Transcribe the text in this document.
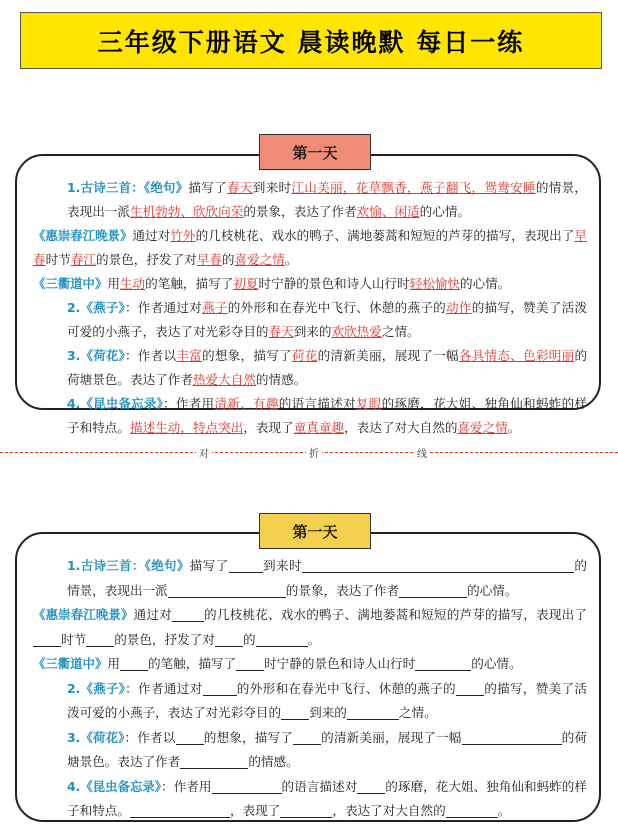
三年级下册语文 晨读晚默 每日一练
第一天

1.古诗三首：《绝句》描写了春天到来时江山美丽，花草飘香，燕子翻飞，鸳鸯安睡的情景，表现出一派生机勃勃、欣欣向荣的景象，表达了作者欢愉、闲适的心情。

《惠崇春江晚景》通过对竹外的几枝桃花、戏水的鸭子、满地蒌蒿和短短的芦芽的描写，表现出了早春时节春江的景色，抒发了对早春的喜爱之情。

《三衢道中》用生动的笔触，描写了初夏时宁静的景色和诗人山行时轻松愉快的心情。

2.《燕子》：作者通过对燕子的外形和在春光中飞行、休憩的燕子的动作的描写，赞美了活泼可爱的小燕子，表达了对光彩夺目的春天到来的欢欣热爱之情。

3.《荷花》：作者以丰富的想象，描写了荷花的清新美丽，展现了一幅各具情态、色彩明丽的荷塘景色。表达了作者热爱大自然的情感。

4.《昆虫备忘录》：作者用清新、有趣的语言描述对复眼的琢磨，花大姐、独角仙和蚂蚱的样子和特点。描述生动，特点突出，表现了童真童趣，表达了对大自然的喜爱之情。

对	折	线
第一天

1.古诗三首：《绝句》描写了	到来时	的情景，表现出一派	的景象，表达了作者	的心情。

《惠崇春江晚景》通过对	的几枝桃花、戏水的鸭子、满地蒌蒿和短短的芦芽的描写，表现出了时节 的景色，抒发了对 的	。

《三衢道中》用 的笔触，描写了 时宁静的景色和诗人山行时	的心情。

2.《燕子》：作者通过对	的外形和在春光中飞行、休憩的燕子的 的描写，赞美了活泼可爱的小燕子，表达了对光彩夺目的 到来的	之情。

3.《荷花》：作者以 的想象，描写了 的清新美丽，展现了一幅	的荷塘景色。表达了作者	的情感。

4.《昆虫备忘录》：作者用	的语言描述对 的琢磨，花大姐、独角仙和蚂蚱的样子和特点。	，表现了	，表达了对大自然的	。
